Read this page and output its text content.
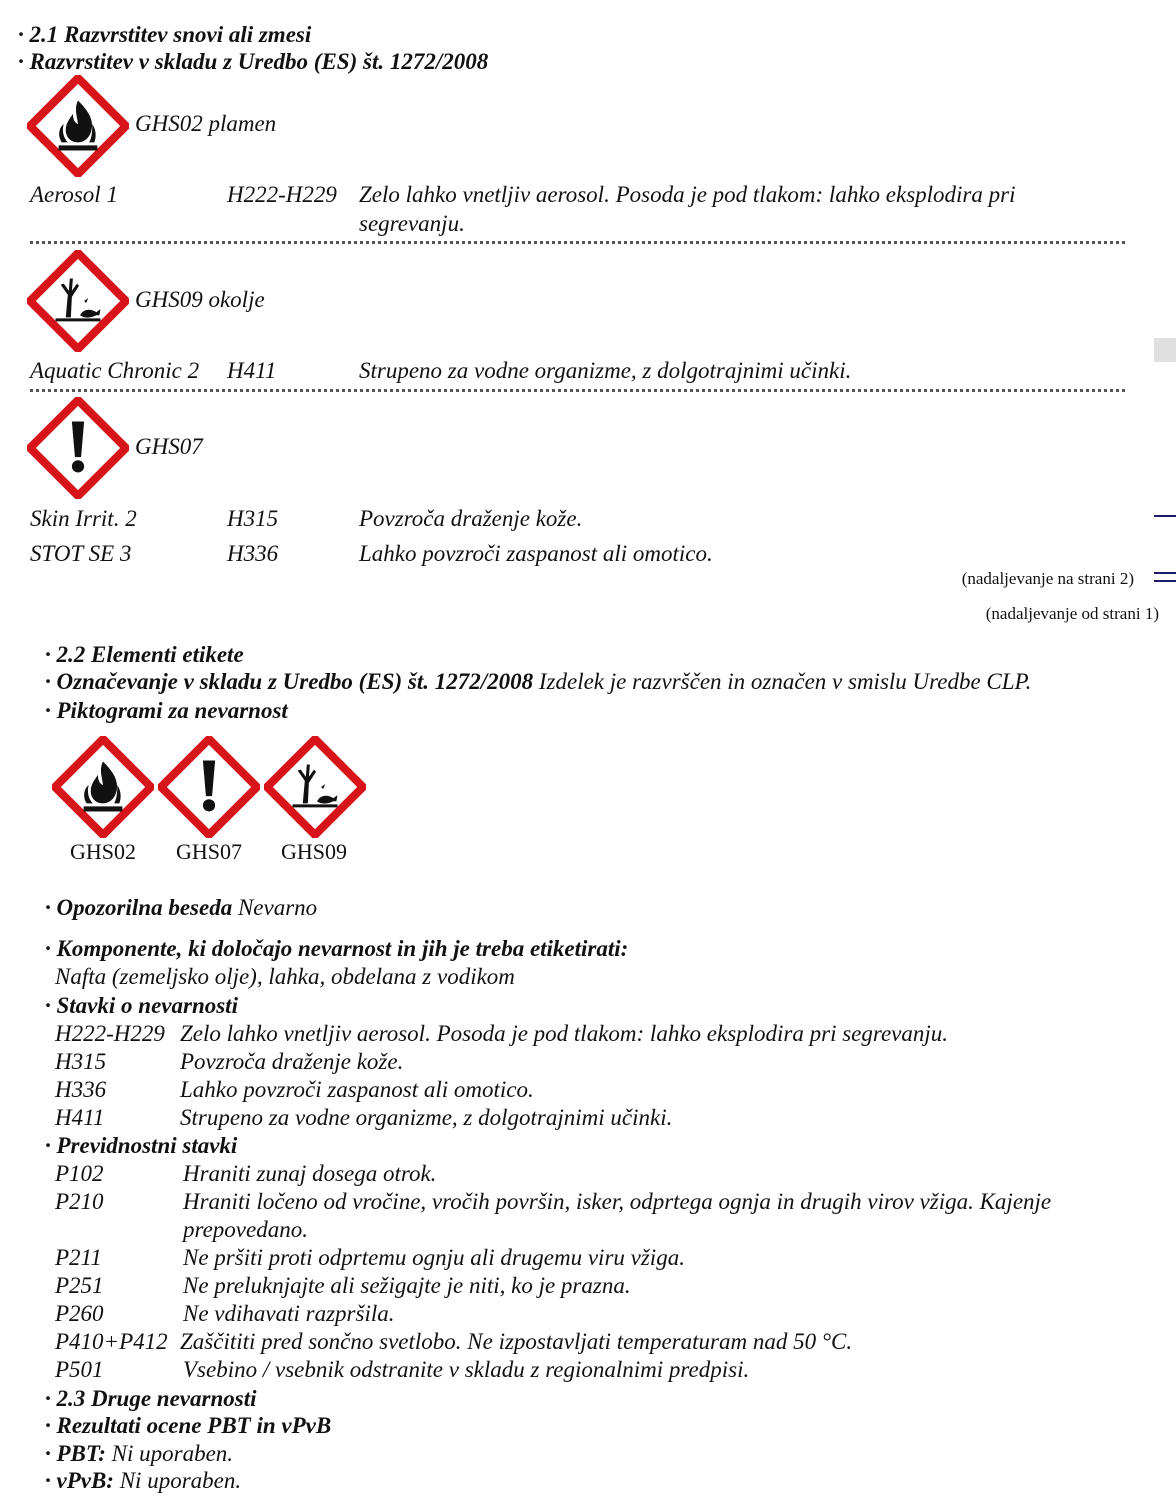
· 2.1 Razvrstitev snovi ali zmesi
· Razvrstitev v skladu z Uredbo (ES) št. 1272/2008
GHS02 plamen
Aerosol 1	H222-H229 Zelo lahko vnetljiv aerosol. Posoda je pod tlakom: lahko eksplodira pri
segrevanju.
GHS09 okolje
Aquatic Chronic 2 H411	Strupeno za vodne organizme, z dolgotrajnimi učinki.
GHS07
Skin Irrit. 2	H315	Povzroča draženje kože.
STOT SE 3	H336	Lahko povzroči zaspanost ali omotico.
(nadaljevanje na strani 2)
(nadaljevanje od strani 1)
· 2.2 Elementi etikete
· Označevanje v skladu z Uredbo (ES) št. 1272/2008 Izdelek je razvrščen in označen v smislu Uredbe CLP.
· Piktogrami za nevarnost
GHS02	GHS07	GHS09
· Opozorilna beseda Nevarno
· Komponente, ki določajo nevarnost in jih je treba etiketirati:
Nafta (zemeljsko olje), lahka, obdelana z vodikom
· Stavki o nevarnosti
H222-H229 Zelo lahko vnetljiv aerosol. Posoda je pod tlakom: lahko eksplodira pri segrevanju.
H315	Povzroča draženje kože.
H336	Lahko povzroči zaspanost ali omotico.
H411	Strupeno za vodne organizme, z dolgotrajnimi učinki.
· Previdnostni stavki
P102	Hraniti zunaj dosega otrok.
P210	Hraniti ločeno od vročine, vročih površin, isker, odprtega ognja in drugih virov vžiga. Kajenje
prepovedano.
P211	Ne pršiti proti odprtemu ognju ali drugemu viru vžiga.
P251	Ne preluknjajte ali sežigajte je niti, ko je prazna.
P260	Ne vdihavati razpršila.
P410+P412 Zaščititi pred sončno svetlobo. Ne izpostavljati temperaturam nad 50 °C.
P501	Vsebino / vsebnik odstranite v skladu z regionalnimi predpisi.
· 2.3 Druge nevarnosti
· Rezultati ocene PBT in vPvB
· PBT: Ni uporaben.
· vPvB: Ni uporaben.
